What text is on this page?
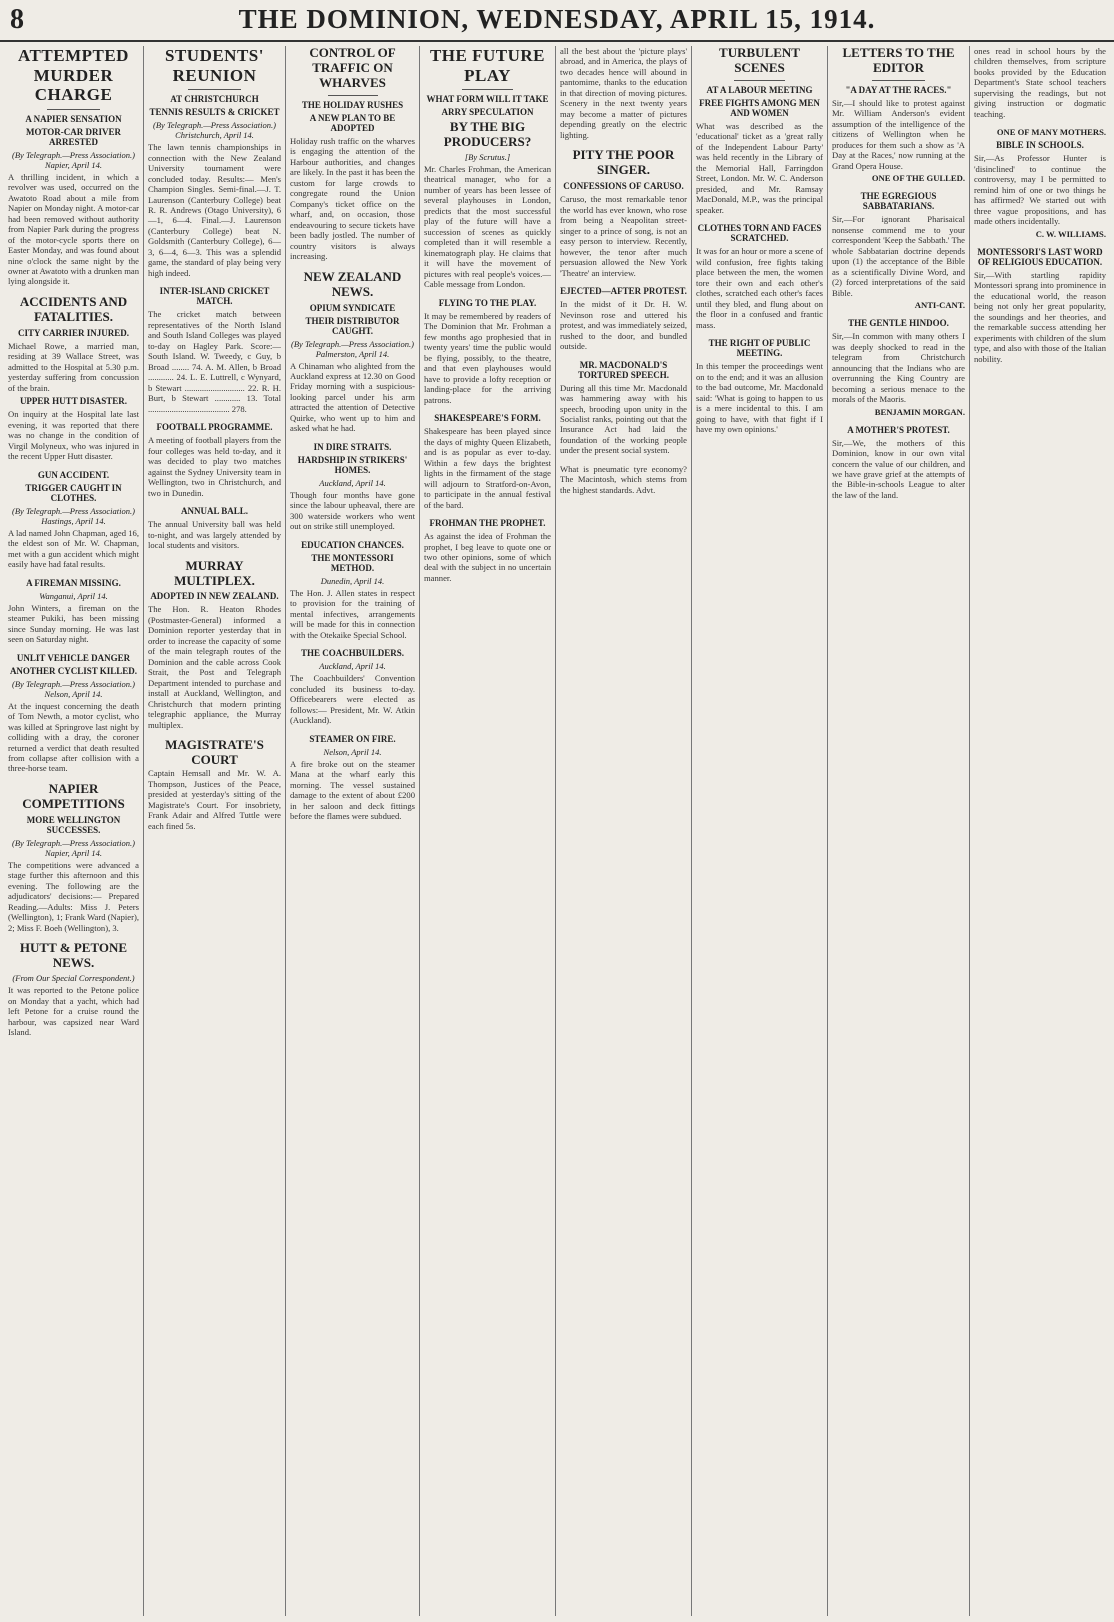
8	THE DOMINION, WEDNESDAY, APRIL 15, 1914.
ATTEMPTED MURDER CHARGE
A NAPIER SENSATION
MOTOR-CAR DRIVER ARRESTED
(By Telegraph.—Press Association.) Napier, April 14.
A thrilling incident, in which a revolver was used, occurred on the Awatoto Road about a mile from Napier on Monday night. A motor-car had been removed without authority from Napier Park during the progress of the motor-cycle sports there on Easter Monday, and was found about nine o'clock the same night by the owner at Awatoto with a drunken man lying alongside it.
ACCIDENTS AND FATALITIES.
CITY CARRIER INJURED.
Michael Rowe, a married man, residing at 39 Wallace Street, was admitted to the Hospital at 5.30 p.m. yesterday suffering from concussion of the brain.
UPPER HUTT DISASTER.
On inquiry at the Hospital late last evening, it was reported that there was no change in the condition of Virgil Molyneux, who was injured in the recent Upper Hutt disaster.
GUN ACCIDENT.
TRIGGER CAUGHT IN CLOTHES.
(By Telegraph.—Press Association.) Hastings, April 14.
A lad named John Chapman, aged 16, the eldest son of Mr. W. Chapman, met with a gun accident which might easily have had fatal results.
A FIREMAN MISSING.
Wanganui, April 14.
John Winters, a fireman on the steamer Pukiki, has been missing since Sunday morning. He was last seen on Saturday night.
UNLIT VEHICLE DANGER
ANOTHER CYCLIST KILLED.
(By Telegraph.—Press Association.) Nelson, April 14.
At the inquest concerning the death of Tom Newth, a motor cyclist, who was killed at Springrove last night by colliding with a dray, the coroner returned a verdict that death resulted from collapse after collision with a three-horse team.
NAPIER COMPETITIONS
MORE WELLINGTON SUCCESSES.
(By Telegraph.—Press Association.) Napier, April 14.
The competitions were advanced a stage further this afternoon and this evening. The following are the adjudicators' decisions:— Prepared Reading.—Adults: Miss J. Peters (Wellington), 1; Frank Ward (Napier), 2; Miss F. Boeh (Wellington), 3.
HUTT & PETONE NEWS.
(From Our Special Correspondent.)
It was reported to the Petone police on Monday that a yacht, which had left Petone for a cruise round the harbour, was capsized near Ward Island.
STUDENTS' REUNION
AT CHRISTCHURCH
TENNIS RESULTS & CRICKET
(By Telegraph.—Press Association.) Christchurch, April 14.
The lawn tennis championships in connection with the New Zealand University tournament were concluded today. Results:— Men's Champion Singles. Semi-final.—J. T. Laurenson (Canterbury College) beat R. R. Andrews (Otago University), 6—1, 6—4. Final.—J. Laurenson (Canterbury College) beat N. Goldsmith (Canterbury College), 6—3, 6—4, 6—3. This was a splendid game, the standard of play being very high indeed.
INTER-ISLAND CRICKET MATCH.
The cricket match between representatives of the North Island and South Island Colleges was played to-day on Hagley Park. Score:— South Island. W. Tweedy, c Guy, b Broad ........ 74. A. M. Allen, b Broad ............ 24. L. E. Luttrell, c Wynyard, b Stewart ............................ 22. R. H. Burt, b Stewart ............ 13. Total ...................................... 278.
FOOTBALL PROGRAMME.
A meeting of football players from the four colleges was held to-day, and it was decided to play two matches against the Sydney University team in Wellington, two in Christchurch, and two in Dunedin.
ANNUAL BALL.
The annual University ball was held to-night, and was largely attended by local students and visitors.
MURRAY MULTIPLEX.
ADOPTED IN NEW ZEALAND.
The Hon. R. Heaton Rhodes (Postmaster-General) informed a Dominion reporter yesterday that in order to increase the capacity of some of the main telegraph routes of the Dominion and the cable across Cook Strait, the Post and Telegraph Department intended to purchase and install at Auckland, Wellington, and Christchurch that modern printing telegraphic appliance, the Murray multiplex.
MAGISTRATE'S COURT
Captain Hemsall and Mr. W. A. Thompson, Justices of the Peace, presided at yesterday's sitting of the Magistrate's Court. For insobriety, Frank Adair and Alfred Tuttle were each fined 5s.
CONTROL OF TRAFFIC ON WHARVES
THE HOLIDAY RUSHES
A NEW PLAN TO BE ADOPTED
Holiday rush traffic on the wharves is engaging the attention of the Harbour authorities, and changes are likely. In the past it has been the custom for large crowds to congregate round the Union Company's ticket office on the wharf, and, on occasion, those endeavouring to secure tickets have been badly jostled. The number of country visitors is always increasing.
NEW ZEALAND NEWS.
OPIUM SYNDICATE
THEIR DISTRIBUTOR CAUGHT.
(By Telegraph.—Press Association.) Palmerston, April 14.
A Chinaman who alighted from the Auckland express at 12.30 on Good Friday morning with a suspicious-looking parcel under his arm attracted the attention of Detective Quirke, who went up to him and asked what he had.
IN DIRE STRAITS.
HARDSHIP IN STRIKERS' HOMES.
Auckland, April 14.
Though four months have gone since the labour upheaval, there are 300 waterside workers who went out on strike still unemployed.
EDUCATION CHANCES.
THE MONTESSORI METHOD.
Dunedin, April 14.
The Hon. J. Allen states in respect to provision for the training of mental infectives, arrangements will be made for this in connection with the Otekaike Special School.
THE COACHBUILDERS.
Auckland, April 14.
The Coachbuilders' Convention concluded its business to-day. Officebearers were elected as follows:— President, Mr. W. Atkin (Auckland).
STEAMER ON FIRE.
Nelson, April 14.
A fire broke out on the steamer Mana at the wharf early this morning. The vessel sustained damage to the extent of about £200 in her saloon and deck fittings before the flames were subdued.
THE FUTURE PLAY
WHAT FORM WILL IT TAKE
ARRY SPECULATION
BY THE BIG PRODUCERS?
[By Scrutus.]
Mr. Charles Frohman, the American theatrical manager, who for a number of years has been lessee of several playhouses in London, predicts that the most successful play of the future will have a succession of scenes as quickly completed than it will resemble a kinematograph play. He claims that it will have the movement of pictures with real people's voices.—Cable message from London.
FLYING TO THE PLAY.
It may be remembered by readers of The Dominion that Mr. Frohman a few months ago prophesied that in twenty years' time the public would be flying, possibly, to the theatre, and that even playhouses would have to provide a lofty reception or landing-place for the arriving patrons.
SHAKESPEARE'S FORM.
Shakespeare has been played since the days of mighty Queen Elizabeth, and is as popular as ever to-day. Within a few days the brightest lights in the firmament of the stage will adjourn to Stratford-on-Avon, to participate in the annual festival of the bard.
FROHMAN THE PROPHET.
As against the idea of Frohman the prophet, I beg leave to quote one or two other opinions, some of which deal with the subject in no uncertain manner.
all the best about the 'picture plays' abroad, and in America, the plays of two decades hence will abound in pantomime, thanks to the education in that direction of moving pictures. Scenery in the next twenty years may become a matter of pictures depending greatly on the electric lighting.
PITY THE POOR SINGER.
CONFESSIONS OF CARUSO.
Caruso, the most remarkable tenor the world has ever known, who rose from being a Neapolitan street-singer to a prince of song, is not an easy person to interview. Recently, however, the tenor after much persuasion allowed the New York 'Theatre' an interview.
EJECTED—AFTER PROTEST.
In the midst of it Dr. H. W. Nevinson rose and uttered his protest, and was immediately seized, rushed to the door, and bundled outside.
MR. MACDONALD'S TORTURED SPEECH.
During all this time Mr. Macdonald was hammering away with his speech, brooding upon unity in the Socialist ranks, pointing out that the Insurance Act had laid the foundation of the working people under the present social system.
What is pneumatic tyre economy? The Macintosh, which stems from the highest standards. Advt.
TURBULENT SCENES
AT A LABOUR MEETING
FREE FIGHTS AMONG MEN AND WOMEN
What was described as the 'educational' ticket as a 'great rally of the Independent Labour Party' was held recently in the Library of the Memorial Hall, Farringdon Street, London. Mr. W. C. Anderson presided, and Mr. Ramsay MacDonald, M.P., was the principal speaker.
CLOTHES TORN AND FACES SCRATCHED.
It was for an hour or more a scene of wild confusion, free fights taking place between the men, the women tore their own and each other's clothes, scratched each other's faces until they bled, and flung about on the floor in a confused and frantic mass.
THE RIGHT OF PUBLIC MEETING.
In this temper the proceedings went on to the end; and it was an allusion to the bad outcome, Mr. Macdonald said: 'What is going to happen to us is a mere incidental to this. I am going to have, with that fight if I have my own opinions.'
LETTERS TO THE EDITOR
"A DAY AT THE RACES."
Sir,—I should like to protest against Mr. William Anderson's evident assumption of the intelligence of the citizens of Wellington when he produces for them such a show as 'A Day at the Races,' now running at the Grand Opera House.
ONE OF THE GULLED.
THE EGREGIOUS SABBATARIANS.
Sir,—For ignorant Pharisaical nonsense commend me to your correspondent 'Keep the Sabbath.' The whole Sabbatarian doctrine depends upon (1) the acceptance of the Bible as a scientifically Divine Word, and (2) forced interpretations of the said Bible.
ANTI-CANT.
THE GENTLE HINDOO.
Sir,—In common with many others I was deeply shocked to read in the telegram from Christchurch announcing that the Indians who are overrunning the King Country are becoming a serious menace to the morals of the Maoris.
BENJAMIN MORGAN.
A MOTHER'S PROTEST.
Sir,—We, the mothers of this Dominion, know in our own vital concern the value of our children, and we have grave grief at the attempts of the Bible-in-schools League to alter the law of the land.
ones read in school hours by the children themselves, from scripture books provided by the Education Department's State school teachers supervising the readings, but not giving instruction or dogmatic teaching.
ONE OF MANY MOTHERS.
BIBLE IN SCHOOLS.
Sir,—As Professor Hunter is 'disinclined' to continue the controversy, may I be permitted to remind him of one or two things he has affirmed? We started out with three vague propositions, and has made others incidentally.
C. W. WILLIAMS.
MONTESSORI'S LAST WORD OF RELIGIOUS EDUCATION.
Sir,—With startling rapidity Montessori sprang into prominence in the educational world, the reason being not only her great popularity, the soundings and her theories, and the remarkable success attending her experiments with children of the slum type, and also with those of the Italian nobility.
